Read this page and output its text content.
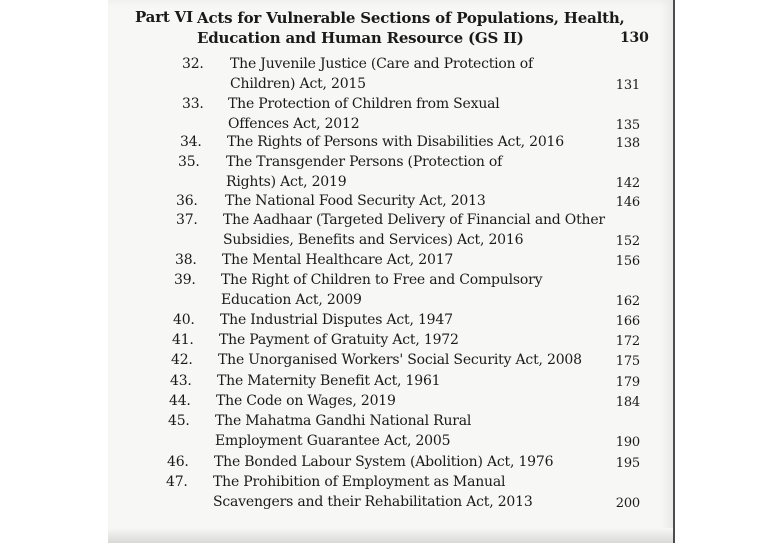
Part VI Acts for Vulnerable Sections of Populations, Health,
Education and Human Resource (GS II)	130
32.	The Juvenile Justice (Care and Protection of
Children) Act, 2015	131
33.	The Protection of Children from Sexual
Offences Act, 2012	135
34.	The Rights of Persons with Disabilities Act, 2016	138
35.	The Transgender Persons (Protection of
Rights) Act, 2019	142
36.	The National Food Security Act, 2013	146
37.	The Aadhaar (Targeted Delivery of Financial and Other
Subsidies, Benefits and Services) Act, 2016	152
38.	The Mental Healthcare Act, 2017	156
39.	The Right of Children to Free and Compulsory
Education Act, 2009	162
40.	The Industrial Disputes Act, 1947	166
41.	The Payment of Gratuity Act, 1972	172
42.	The Unorganised Workers' Social Security Act, 2008	175
43.	The Maternity Benefit Act, 1961	179
44.	The Code on Wages, 2019	184
45.	The Mahatma Gandhi National Rural
Employment Guarantee Act, 2005	190
46.	The Bonded Labour System (Abolition) Act, 1976	195
47.	The Prohibition of Employment as Manual
Scavengers and their Rehabilitation Act, 2013	200
